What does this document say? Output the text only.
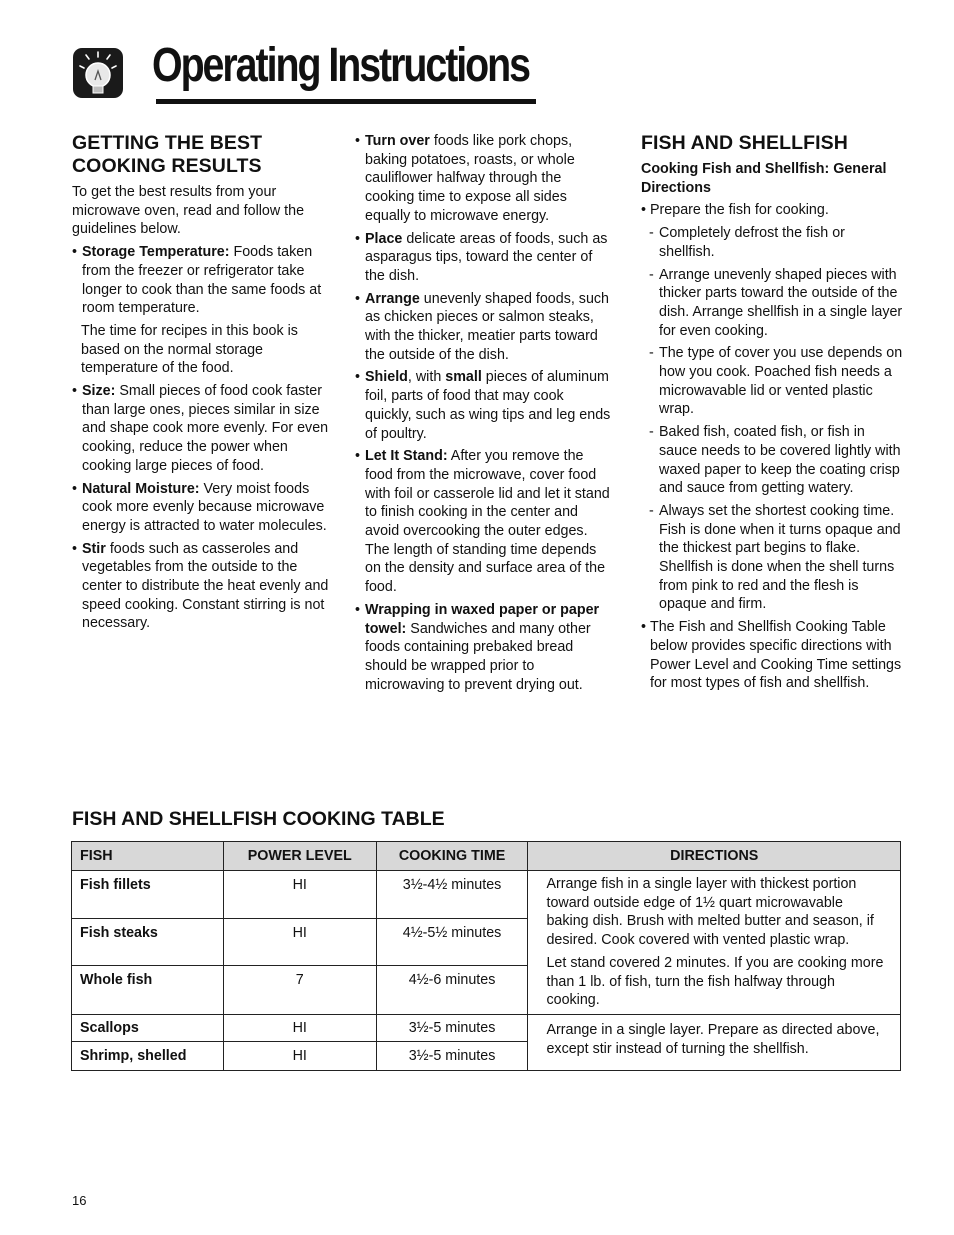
Operating Instructions
GETTING THE BEST COOKING RESULTS

To get the best results from your microwave oven, read and follow the guidelines below.

• Storage Temperature: Foods taken from the freezer or refrigerator take longer to cook than the same foods at room temperature.

The time for recipes in this book is based on the normal storage temperature of the food.

• Size: Small pieces of food cook faster than large ones, pieces similar in size and shape cook more evenly. For even cooking, reduce the power when cooking large pieces of food.
• Natural Moisture: Very moist foods cook more evenly because microwave energy is attracted to water molecules.
• Stir foods such as casseroles and vegetables from the outside to the center to distribute the heat evenly and speed cooking. Constant stirring is not necessary.
• Turn over foods like pork chops, baking potatoes, roasts, or whole cauliflower halfway through the cooking time to expose all sides equally to microwave energy.
• Place delicate areas of foods, such as asparagus tips, toward the center of the dish.
• Arrange unevenly shaped foods, such as chicken pieces or salmon steaks, with the thicker, meatier parts toward the outside of the dish.
• Shield, with small pieces of aluminum foil, parts of food that may cook quickly, such as wing tips and leg ends of poultry.
• Let It Stand: After you remove the food from the microwave, cover food with foil or casserole lid and let it stand to finish cooking in the center and avoid overcooking the outer edges. The length of standing time depends on the density and surface area of the food.
• Wrapping in waxed paper or paper towel: Sandwiches and many other foods containing prebaked bread should be wrapped prior to microwaving to prevent drying out.
FISH AND SHELLFISH

Cooking Fish and Shellfish: General Directions

• Prepare the fish for cooking.
- Completely defrost the fish or shellfish.
- Arrange unevenly shaped pieces with thicker parts toward the outside of the dish. Arrange shellfish in a single layer for even cooking.
- The type of cover you use depends on how you cook. Poached fish needs a microwavable lid or vented plastic wrap.
- Baked fish, coated fish, or fish in sauce needs to be covered lightly with waxed paper to keep the coating crisp and sauce from getting watery.
- Always set the shortest cooking time. Fish is done when it turns opaque and the thickest part begins to flake. Shellfish is done when the shell turns from pink to red and the flesh is opaque and firm.
• The Fish and Shellfish Cooking Table below provides specific directions with Power Level and Cooking Time settings for most types of fish and shellfish.
FISH AND SHELLFISH COOKING TABLE
FISH	POWER LEVEL	COOKING TIME	DIRECTIONS
Fish fillets	HI	3½-4½ minutes	Arrange fish in a single layer with thickest portion toward outside edge of 1½ quart microwavable baking dish. Brush with melted butter and season, if desired. Cook covered with vented plastic wrap.

Let stand covered 2 minutes. If you are cooking more than 1 lb. of fish, turn the fish halfway through cooking.

Fish steaks	HI	4½-5½ minutes	
Whole fish	7	4½-6 minutes	
Scallops	HI	3½-5 minutes	Arrange in a single layer. Prepare as directed above, except stir instead of turning the shellfish.

Shrimp, shelled	HI	3½-5 minutes	
16
